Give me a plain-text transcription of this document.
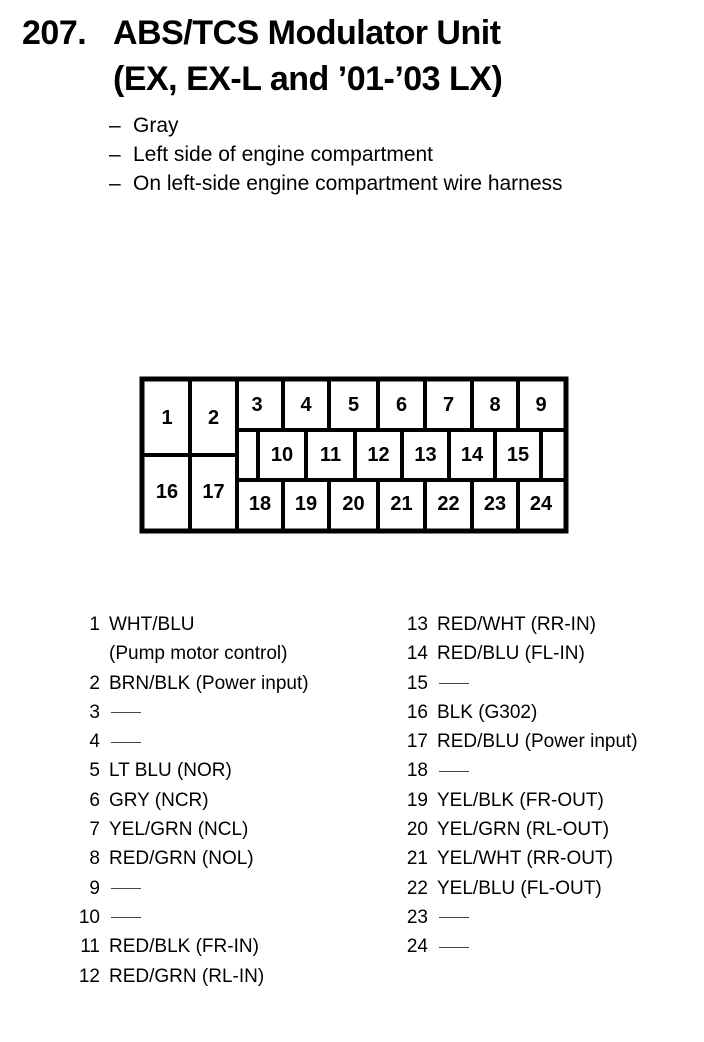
207. ABS/TCS Modulator Unit
(EX, EX-L and ’01-’03 LX)
– Gray
– Left side of engine compartment
– On left-side engine compartment wire harness
1	2
16	17
3	4	5	6	7	8	9
10	11	12	13	14	15
18	19	20	21	22	23	24
1 WHT/BLU
(Pump motor control)
2 BRN/BLK (Power input)
3
4
5 LT BLU (NOR)
6 GRY (NCR)
7 YEL/GRN (NCL)
8 RED/GRN (NOL)
9
10
11 RED/BLK (FR-IN)
12 RED/GRN (RL-IN)
13 RED/WHT (RR-IN)
14 RED/BLU (FL-IN)
15
16 BLK (G302)
17 RED/BLU (Power input)
18
19 YEL/BLK (FR-OUT)
20 YEL/GRN (RL-OUT)
21 YEL/WHT (RR-OUT)
22 YEL/BLU (FL-OUT)
23
24
